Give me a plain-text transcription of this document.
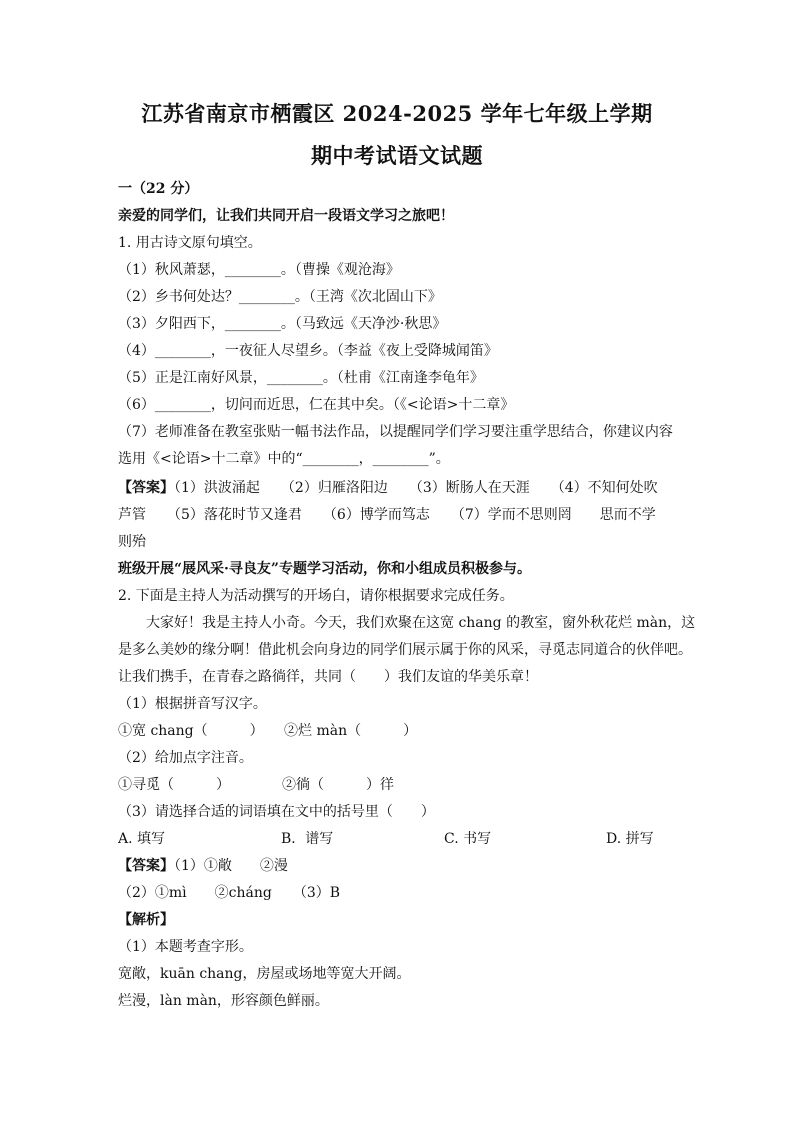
江苏省南京市栖霞区 2024-2025 学年七年级上学期
期中考试语文试题
一（22 分）
亲爱的同学们，让我们共同开启一段语文学习之旅吧！
1. 用古诗文原句填空。
（1）秋风萧瑟，________。（曹操《观沧海》
（2）乡书何处达？________。（王湾《次北固山下》
（3）夕阳西下，________。（马致远《天净沙·秋思》
（4）________，一夜征人尽望乡。（李益《夜上受降城闻笛》
（5）正是江南好风景，________。（杜甫《江南逢李龟年》
（6）________，切问而近思，仁在其中矣。（《<论语>十二章》
（7）老师准备在教室张贴一幅书法作品，以提醒同学们学习要注重学思结合，你建议内容
选用《<论语>十二章》中的“________，________”。
【答案】（1）洪波涌起　　（2）归雁洛阳边　　（3）断肠人在天涯　　（4）不知何处吹
芦管　　（5）落花时节又逢君　　（6）博学而笃志　　（7）学而不思则罔　　思而不学
则殆
班级开展“展风采·寻良友”专题学习活动，你和小组成员积极参与。
2. 下面是主持人为活动撰写的开场白，请你根据要求完成任务。
大家好！我是主持人小奇。今天，我们欢聚在这宽 chang 的教室，窗外秋花烂 màn，这
是多么美妙的缘分啊！借此机会向身边的同学们展示属于你的风采，寻觅志同道合的伙伴吧。
让我们携手，在青春之路徜徉，共同（　　）我们友谊的华美乐章！
（1）根据拼音写汉字。
①宽 chang（　　　） ②烂 màn（　　　）
（2）给加点字注音。
①寻觅（　　　）	②徜（　　　）徉
（3）请选择合适的词语填在文中的括号里（　　）
A. 填写	B．谱写	C. 书写	D. 拼写
【答案】（1）①敞　　②漫
（2）①mì　　②cháng　　（3）B
【解析】
（1）本题考查字形。
宽敞，kuān chang，房屋或场地等宽大开阔。
烂漫，làn màn，形容颜色鲜丽。
